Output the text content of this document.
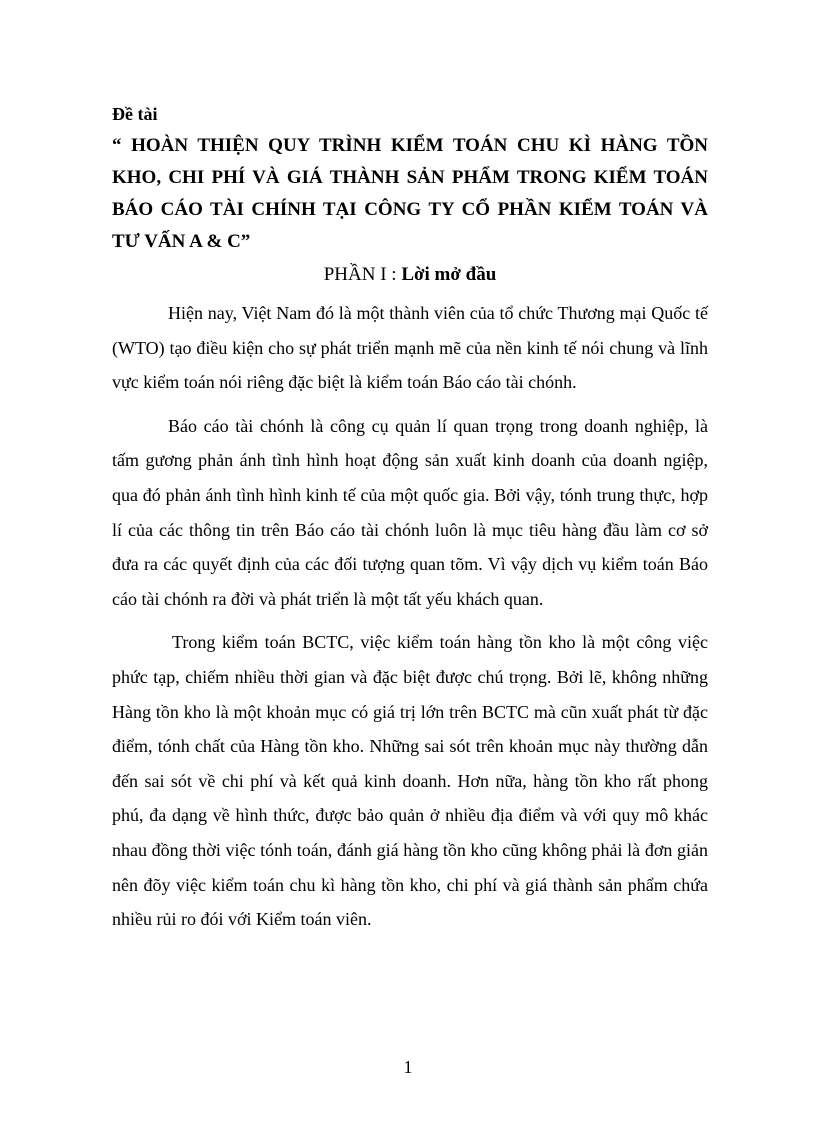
Đề tài

“ HOÀN THIỆN QUY TRÌNH KIỂM TOÁN CHU KÌ HÀNG TỒN KHO, CHI PHÍ VÀ GIÁ THÀNH SẢN PHẨM TRONG KIỂM TOÁN BÁO CÁO TÀI CHÍNH TẠI CÔNG TY CỔ PHẦN KIỂM TOÁN VÀ TƯ VẤN A & C”

PHẦN I : Lời mở đầu

Hiện nay, Việt Nam đó là một thành viên của tổ chức Thương mại Quốc tế (WTO) tạo điều kiện cho sự phát triển mạnh mẽ của nền kinh tế nói chung và lĩnh vực kiểm toán nói riêng đặc biệt là kiểm toán Báo cáo tài chónh.

Báo cáo tài chónh là công cụ quản lí quan trọng trong doanh nghiệp, là tấm gương phản ánh tình hình hoạt động sản xuất kinh doanh của doanh ngiệp, qua đó phản ánh tình hình kinh tế của một quốc gia. Bởi vậy, tónh trung thực, hợp lí của các thông tin trên Báo cáo tài chónh luôn là mục tiêu hàng đầu làm cơ sở đưa ra các quyết định của các đối tượng quan tõm. Vì vậy dịch vụ kiểm toán Báo cáo tài chónh ra đời và phát triển là một tất yếu khách quan.

Trong kiểm toán BCTC, việc kiểm toán hàng tồn kho là một công việc phức tạp, chiếm nhiều thời gian và đặc biệt được chú trọng. Bởi lẽ, không những Hàng tồn kho là một khoản mục có giá trị lớn trên BCTC mà cũn xuất phát từ đặc điểm, tónh chất của Hàng tồn kho. Những sai sót trên khoản mục này thường dẫn đến sai sót về chi phí và kết quả kinh doanh. Hơn nữa, hàng tồn kho rất phong phú, đa dạng về hình thức, được bảo quản ở nhiều địa điểm và với quy mô khác nhau đồng thời việc tónh toán, đánh giá hàng tồn kho cũng không phải là đơn giản nên đõy việc kiểm toán chu kì hàng tồn kho, chi phí và giá thành sản phẩm chứa nhiều rủi ro đói với Kiểm toán viên.

1
